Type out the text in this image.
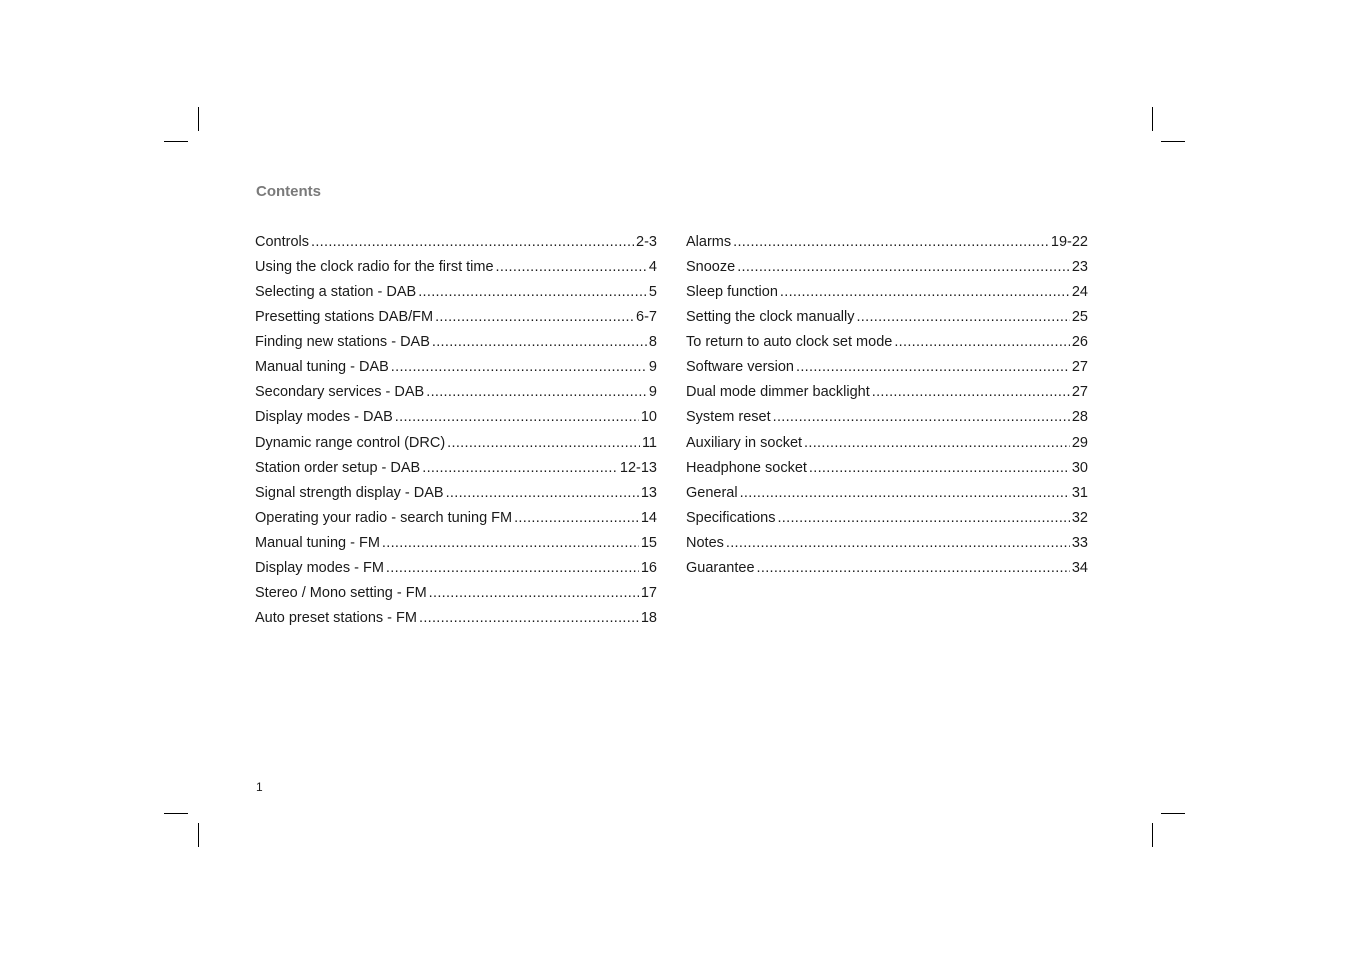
Contents
Controls .....	2-3
Using the clock radio for the first time .....	4
Selecting a station - DAB .....	5
Presetting stations DAB/FM .....	6-7
Finding new stations - DAB .....	8
Manual tuning - DAB .....	9
Secondary services - DAB .....	9
Display modes - DAB .....	10
Dynamic range control (DRC) .....	11
Station order setup - DAB .....	12-13
Signal strength display - DAB .....	13
Operating your radio - search tuning FM .....	14
Manual tuning - FM .....	15
Display modes - FM .....	16
Stereo / Mono setting - FM .....	17
Auto preset stations - FM .....	18
Alarms .....	19-22
Snooze .....	23
Sleep function .....	24
Setting the clock manually .....	25
To return to auto clock set mode .....	26
Software version .....	27
Dual mode dimmer backlight .....	27
System reset .....	28
Auxiliary in socket .....	29
Headphone socket .....	30
General .....	31
Specifications .....	32
Notes .....	33
Guarantee .....	34
1
